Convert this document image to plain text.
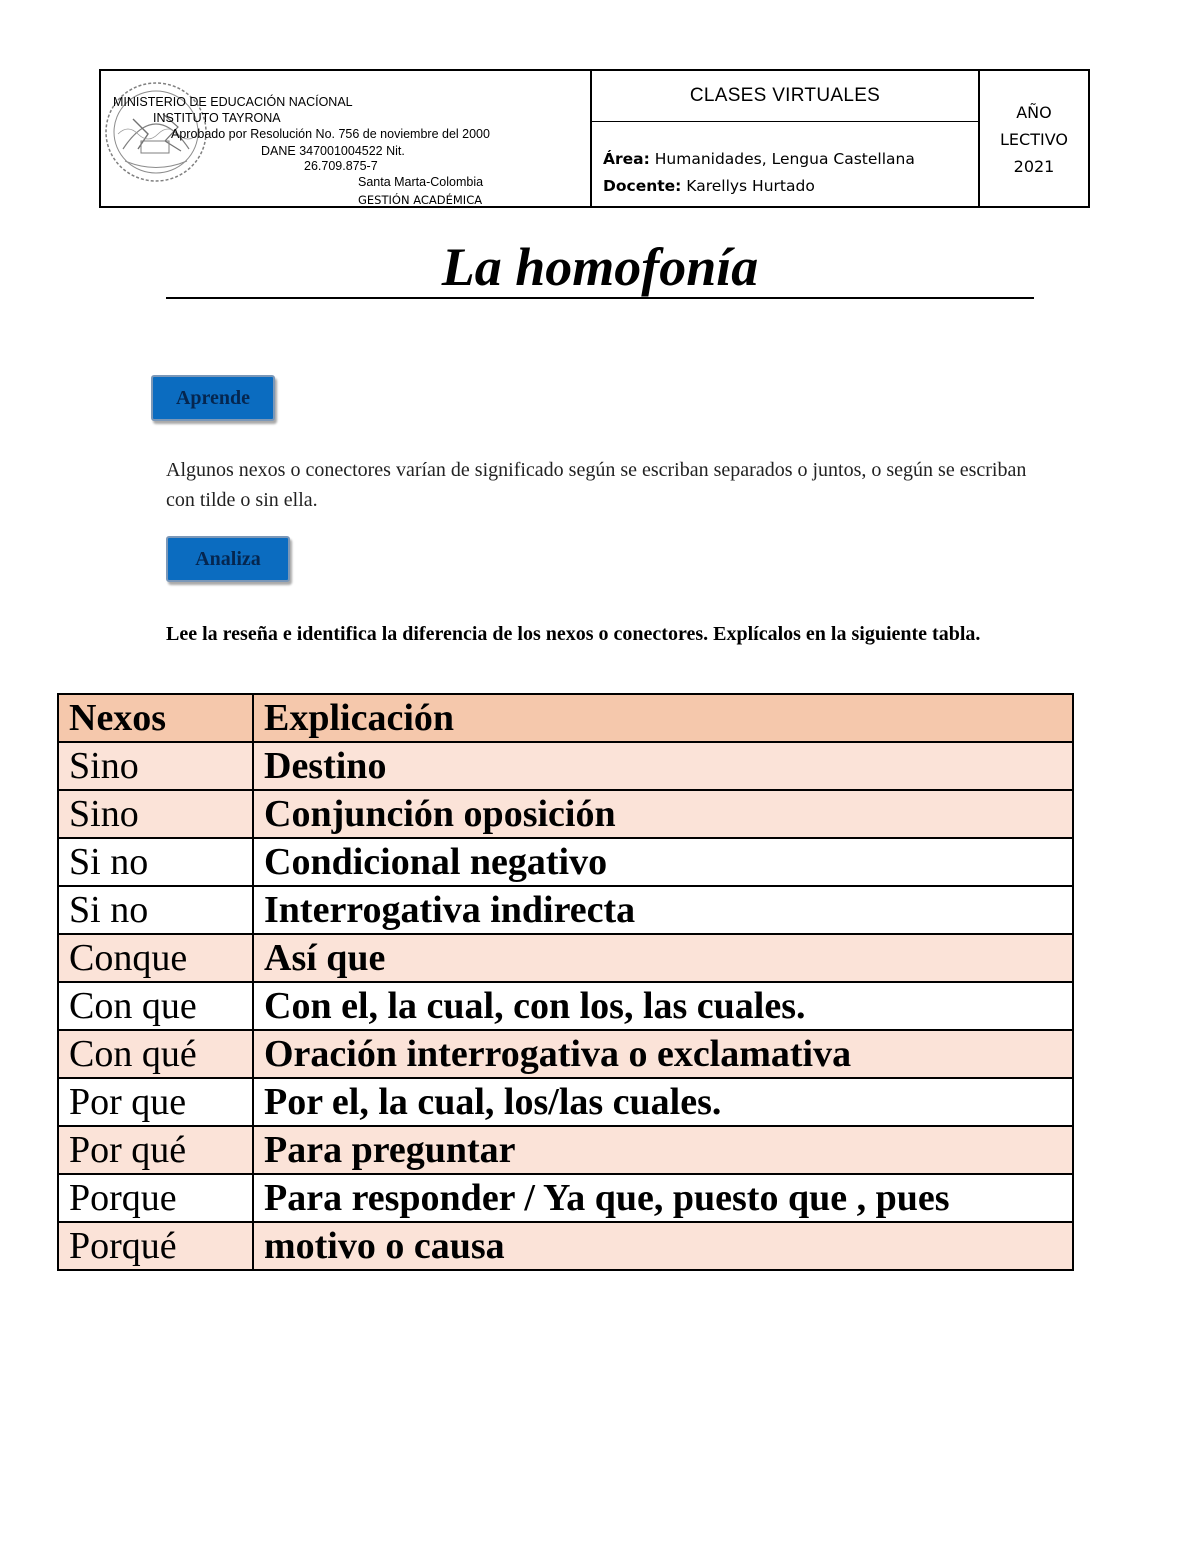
MINISTERIO DE EDUCACIÓN NACÍONAL
INSTITUTO TAYRONA
Aprobado por Resolución No. 756 de noviembre del 2000
DANE 347001004522 Nit.
26.709.875-7
Santa Marta-Colombia
GESTIÓN ACADÉMICA
CLASES VIRTUALES
Área: Humanidades, Lengua Castellana
Docente: Karellys Hurtado
AÑO
LECTIVO
2021
La homofonía
Aprende
Algunos nexos o conectores varían de significado según se escriban separados o juntos, o según se escriban con tilde o sin ella.
Analiza
Lee la reseña e identifica la diferencia de los nexos o conectores. Explícalos en la siguiente tabla.
Nexos	Explicación
Sino	Destino
Sino	Conjunción oposición
Si no	Condicional negativo
Si no	Interrogativa indirecta
Conque	Así que
Con que	Con el, la cual, con los, las cuales.
Con qué	Oración interrogativa o exclamativa
Por que	Por el, la cual, los/las cuales.
Por qué	Para preguntar
Porque	Para responder / Ya que, puesto que , pues
Porqué	motivo o causa
